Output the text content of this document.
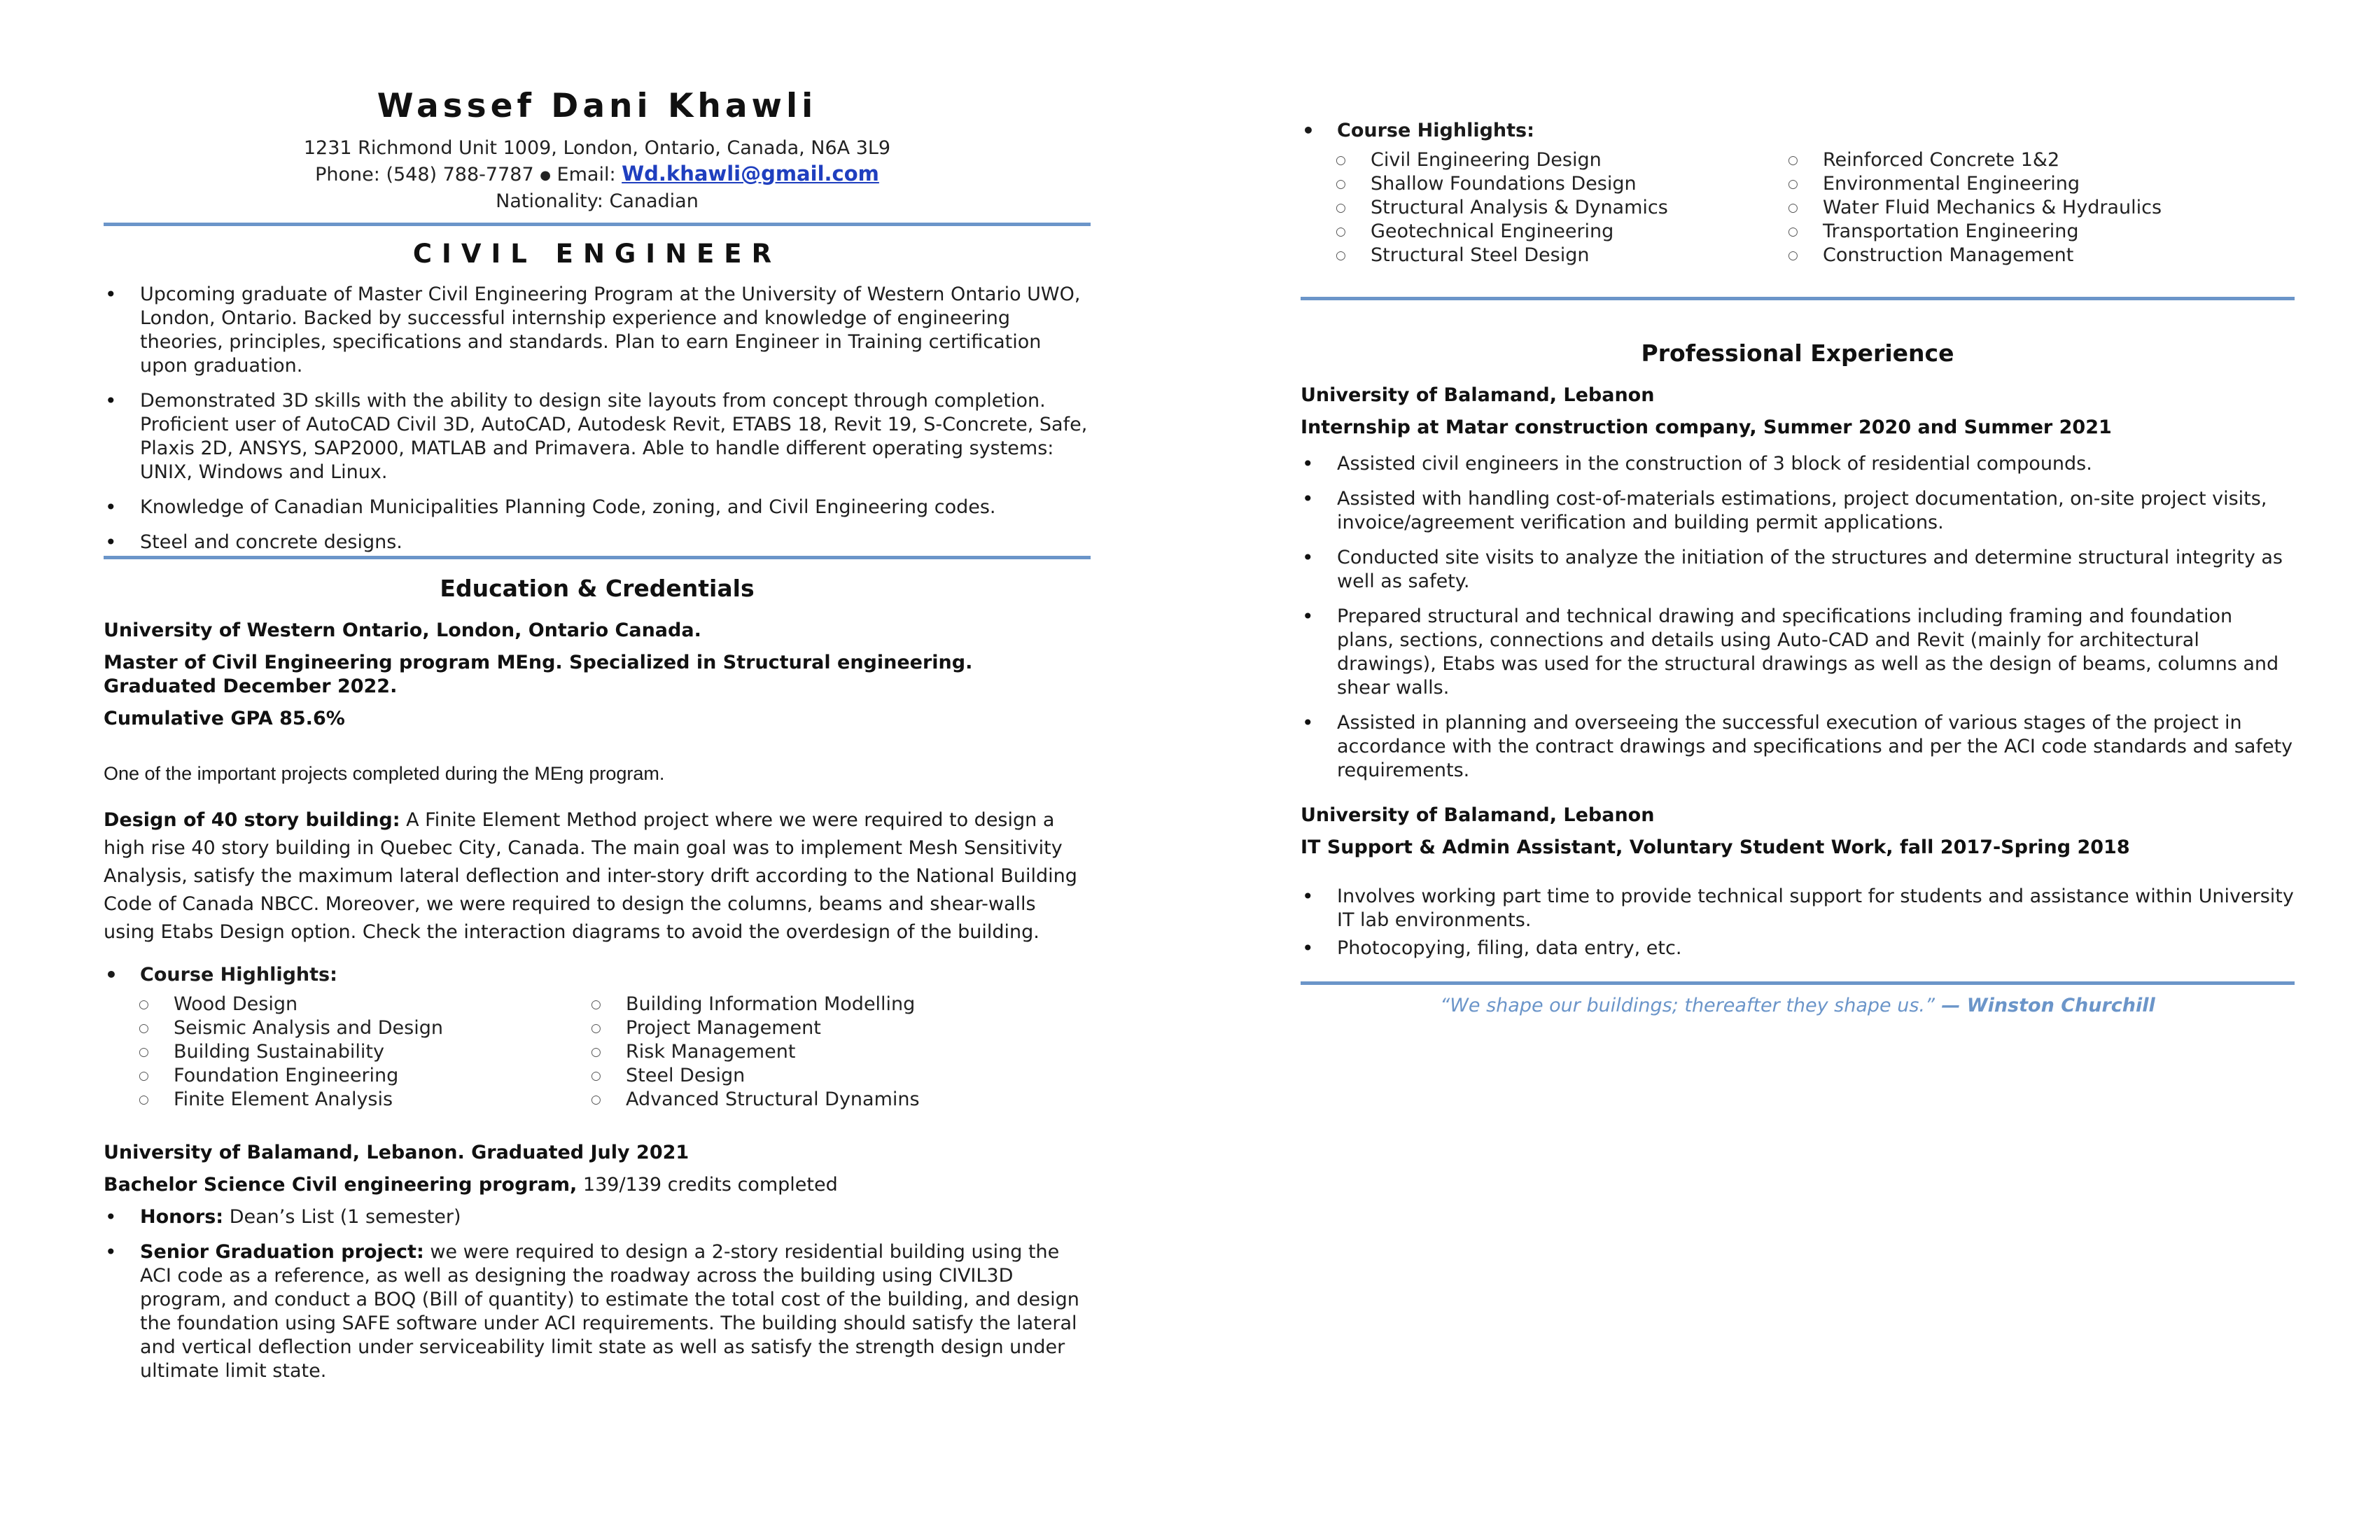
Wassef Dani Khawli
1231 Richmond Unit 1009, London, Ontario, Canada, N6A 3L9
Phone: (548) 788-7787 ● Email: Wd.khawli@gmail.com
Nationality: Canadian
CIVIL ENGINEER
• Upcoming graduate of Master Civil Engineering Program at the University of Western Ontario UWO, London, Ontario. Backed by successful internship experience and knowledge of engineering theories, principles, specifications and standards. Plan to earn Engineer in Training certification upon graduation.
• Demonstrated 3D skills with the ability to design site layouts from concept through completion. Proficient user of AutoCAD Civil 3D, AutoCAD, Autodesk Revit, ETABS 18, Revit 19, S-Concrete, Safe, Plaxis 2D, ANSYS, SAP2000, MATLAB and Primavera. Able to handle different operating systems: UNIX, Windows and Linux.
• Knowledge of Canadian Municipalities Planning Code, zoning, and Civil Engineering codes.
• Steel and concrete designs.
Education & Credentials

University of Western Ontario, London, Ontario Canada.

Master of Civil Engineering program MEng. Specialized in Structural engineering. Graduated December 2022.

Cumulative GPA 85.6%

One of the important projects completed during the MEng program.

Design of 40 story building: A Finite Element Method project where we were required to design a high rise 40 story building in Quebec City, Canada. The main goal was to implement Mesh Sensitivity Analysis, satisfy the maximum lateral deflection and inter-story drift according to the National Building Code of Canada NBCC. Moreover, we were required to design the columns, beams and shear-walls using Etabs Design option. Check the interaction diagrams to avoid the overdesign of the building.

• Course Highlights:
○ Wood Design	○ Building Information Modelling
○ Seismic Analysis and Design	○ Project Management
○ Building Sustainability	○ Risk Management
○ Foundation Engineering	○ Steel Design
○ Finite Element Analysis	○ Advanced Structural Dynamins

University of Balamand, Lebanon. Graduated July 2021

Bachelor Science Civil engineering program, 139/139 credits completed

• Honors: Dean’s List (1 semester)
• Senior Graduation project: we were required to design a 2-story residential building using the ACI code as a reference, as well as designing the roadway across the building using CIVIL3D program, and conduct a BOQ (Bill of quantity) to estimate the total cost of the building, and design the foundation using SAFE software under ACI requirements. The building should satisfy the lateral and vertical deflection under serviceability limit state as well as satisfy the strength design under ultimate limit state.
• Course Highlights:
○ Civil Engineering Design	○ Reinforced Concrete 1&2
○ Shallow Foundations Design	○ Environmental Engineering
○ Structural Analysis & Dynamics	○ Water Fluid Mechanics & Hydraulics
○ Geotechnical Engineering	○ Transportation Engineering
○ Structural Steel Design	○ Construction Management
Professional Experience

University of Balamand, Lebanon

Internship at Matar construction company, Summer 2020 and Summer 2021

• Assisted civil engineers in the construction of 3 block of residential compounds.
• Assisted with handling cost-of-materials estimations, project documentation, on-site project visits, invoice/agreement verification and building permit applications.
• Conducted site visits to analyze the initiation of the structures and determine structural integrity as well as safety.
• Prepared structural and technical drawing and specifications including framing and foundation plans, sections, connections and details using Auto-CAD and Revit (mainly for architectural drawings), Etabs was used for the structural drawings as well as the design of beams, columns and shear walls.
• Assisted in planning and overseeing the successful execution of various stages of the project in accordance with the contract drawings and specifications and per the ACI code standards and safety requirements.

University of Balamand, Lebanon

IT Support & Admin Assistant, Voluntary Student Work, fall 2017-Spring 2018

• Involves working part time to provide technical support for students and assistance within University IT lab environments.
• Photocopying, filing, data entry, etc.
“We shape our buildings; thereafter they shape us.” — Winston Churchill
